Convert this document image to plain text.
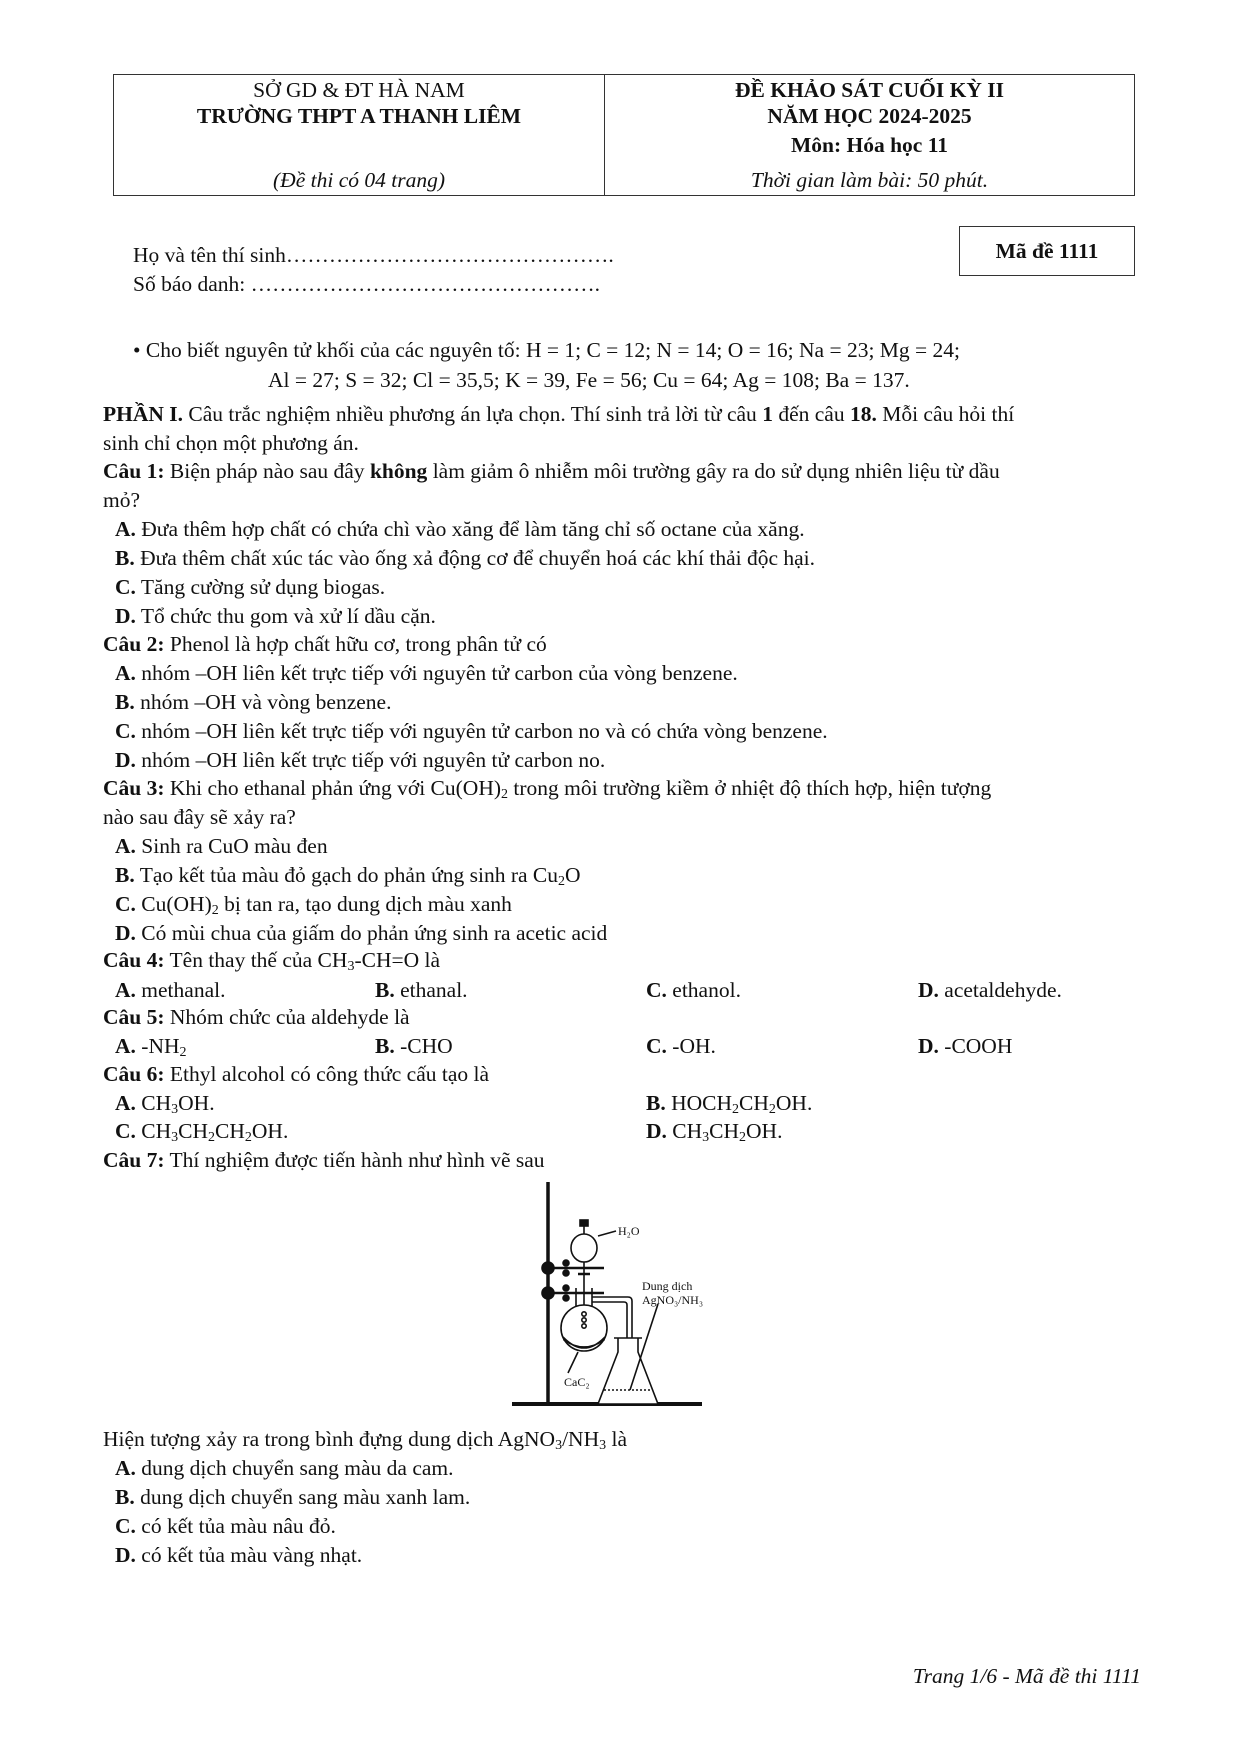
SỞ GD & ĐT HÀ NAM
TRƯỜNG THPT A THANH LIÊM
(Đề thi có 04 trang)
ĐỀ KHẢO SÁT CUỐI KỲ II
NĂM HỌC 2024-2025
Môn: Hóa học 11
Thời gian làm bài: 50 phút.
Họ và tên thí sinh……………………………………….
Số báo danh: ………………………………………….
Mã đề 1111
• Cho biết nguyên tử khối của các nguyên tố: H = 1; C = 12; N = 14; O = 16; Na = 23; Mg = 24;
Al = 27; S = 32; Cl = 35,5; K = 39, Fe = 56; Cu = 64; Ag = 108; Ba = 137.
PHẦN I. Câu trắc nghiệm nhiều phương án lựa chọn. Thí sinh trả lời từ câu 1 đến câu 18. Mỗi câu hỏi thí
sinh chỉ chọn một phương án.
Câu 1: Biện pháp nào sau đây không làm giảm ô nhiễm môi trường gây ra do sử dụng nhiên liệu từ dầu
mỏ?
A. Đưa thêm hợp chất có chứa chì vào xăng để làm tăng chỉ số octane của xăng.
B. Đưa thêm chất xúc tác vào ống xả động cơ để chuyển hoá các khí thải độc hại.
C. Tăng cường sử dụng biogas.
D. Tổ chức thu gom và xử lí dầu cặn.
Câu 2: Phenol là hợp chất hữu cơ, trong phân tử có
A. nhóm –OH liên kết trực tiếp với nguyên tử carbon của vòng benzene.
B. nhóm –OH và vòng benzene.
C. nhóm –OH liên kết trực tiếp với nguyên tử carbon no và có chứa vòng benzene.
D. nhóm –OH liên kết trực tiếp với nguyên tử carbon no.
Câu 3: Khi cho ethanal phản ứng với $Cu(OH)_2$ trong môi trường kiềm ở nhiệt độ thích hợp, hiện tượng
nào sau đây sẽ xảy ra?
A. Sinh ra CuO màu đen
B. Tạo kết tủa màu đỏ gạch do phản ứng sinh ra $Cu_2O$
C. $Cu(OH)_2$ bị tan ra, tạo dung dịch màu xanh
D. Có mùi chua của giấm do phản ứng sinh ra acetic acid
Câu 4: Tên thay thế của $CH_3-CH=O$ là
A. methanal.	B. ethanal.	C. ethanol.	D. acetaldehyde.
Câu 5: Nhóm chức của aldehyde là
A. $-NH_2$	B. -CHO	C. -OH.	D. -COOH
Câu 6: Ethyl alcohol có công thức cấu tạo là
A. $CH_3OH$.	B. $HOCH_2CH_2OH$.
C. $CH_3CH_2CH_2OH$.	D. $CH_3CH_2OH$.
Câu 7: Thí nghiệm được tiến hành như hình vẽ sau
H₂O
Dung dịch
AgNO₃/NH₃
CaC₂
Hiện tượng xảy ra trong bình đựng dung dịch $AgNO_3/NH_3$ là
A. dung dịch chuyển sang màu da cam.
B. dung dịch chuyển sang màu xanh lam.
C. có kết tủa màu nâu đỏ.
D. có kết tủa màu vàng nhạt.
Trang 1/6 - Mã đề thi 1111
